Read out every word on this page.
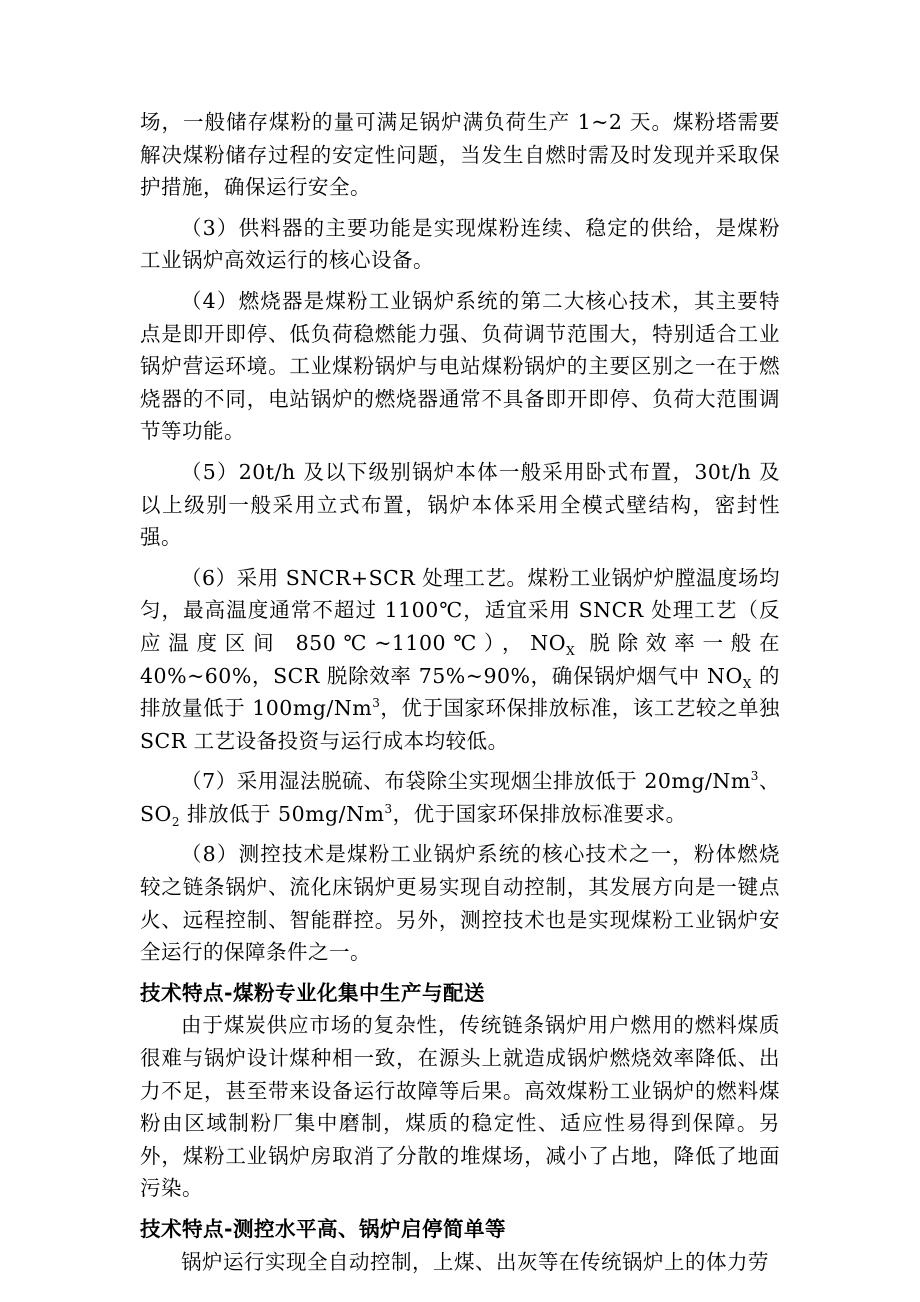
场，一般储存煤粉的量可满足锅炉满负荷生产 1~2 天。煤粉塔需要解决煤粉储存过程的安定性问题，当发生自燃时需及时发现并采取保护措施，确保运行安全。

（3）供料器的主要功能是实现煤粉连续、稳定的供给，是煤粉工业锅炉高效运行的核心设备。

（4）燃烧器是煤粉工业锅炉系统的第二大核心技术，其主要特点是即开即停、低负荷稳燃能力强、负荷调节范围大，特别适合工业锅炉营运环境。工业煤粉锅炉与电站煤粉锅炉的主要区别之一在于燃烧器的不同，电站锅炉的燃烧器通常不具备即开即停、负荷大范围调节等功能。

（5）20t/h 及以下级别锅炉本体一般采用卧式布置，30t/h 及以上级别一般采用立式布置，锅炉本体采用全模式壁结构，密封性强。

（6）采用 SNCR+SCR 处理工艺。煤粉工业锅炉炉膛温度场均匀，最高温度通常不超过 1100℃，适宜采用 SNCR 处理工艺（反应温度区间 850℃~1100℃），$NO_X$ 脱除效率一般在 40%~60%，SCR 脱除效率 75%~90%，确保锅炉烟气中 $NO_X$ 的排放量低于 100mg/Nm$^3$，优于国家环保排放标准，该工艺较之单独 SCR 工艺设备投资与运行成本均较低。

（7）采用湿法脱硫、布袋除尘实现烟尘排放低于 20mg/Nm$^3$、$SO_2$ 排放低于 50mg/Nm$^3$，优于国家环保排放标准要求。

（8）测控技术是煤粉工业锅炉系统的核心技术之一，粉体燃烧较之链条锅炉、流化床锅炉更易实现自动控制，其发展方向是一键点火、远程控制、智能群控。另外，测控技术也是实现煤粉工业锅炉安全运行的保障条件之一。

技术特点-煤粉专业化集中生产与配送

由于煤炭供应市场的复杂性，传统链条锅炉用户燃用的燃料煤质很难与锅炉设计煤种相一致，在源头上就造成锅炉燃烧效率降低、出力不足，甚至带来设备运行故障等后果。高效煤粉工业锅炉的燃料煤粉由区域制粉厂集中磨制，煤质的稳定性、适应性易得到保障。另外，煤粉工业锅炉房取消了分散的堆煤场，减小了占地，降低了地面污染。

技术特点-测控水平高、锅炉启停简单等

锅炉运行实现全自动控制，上煤、出灰等在传统锅炉上的体力劳
